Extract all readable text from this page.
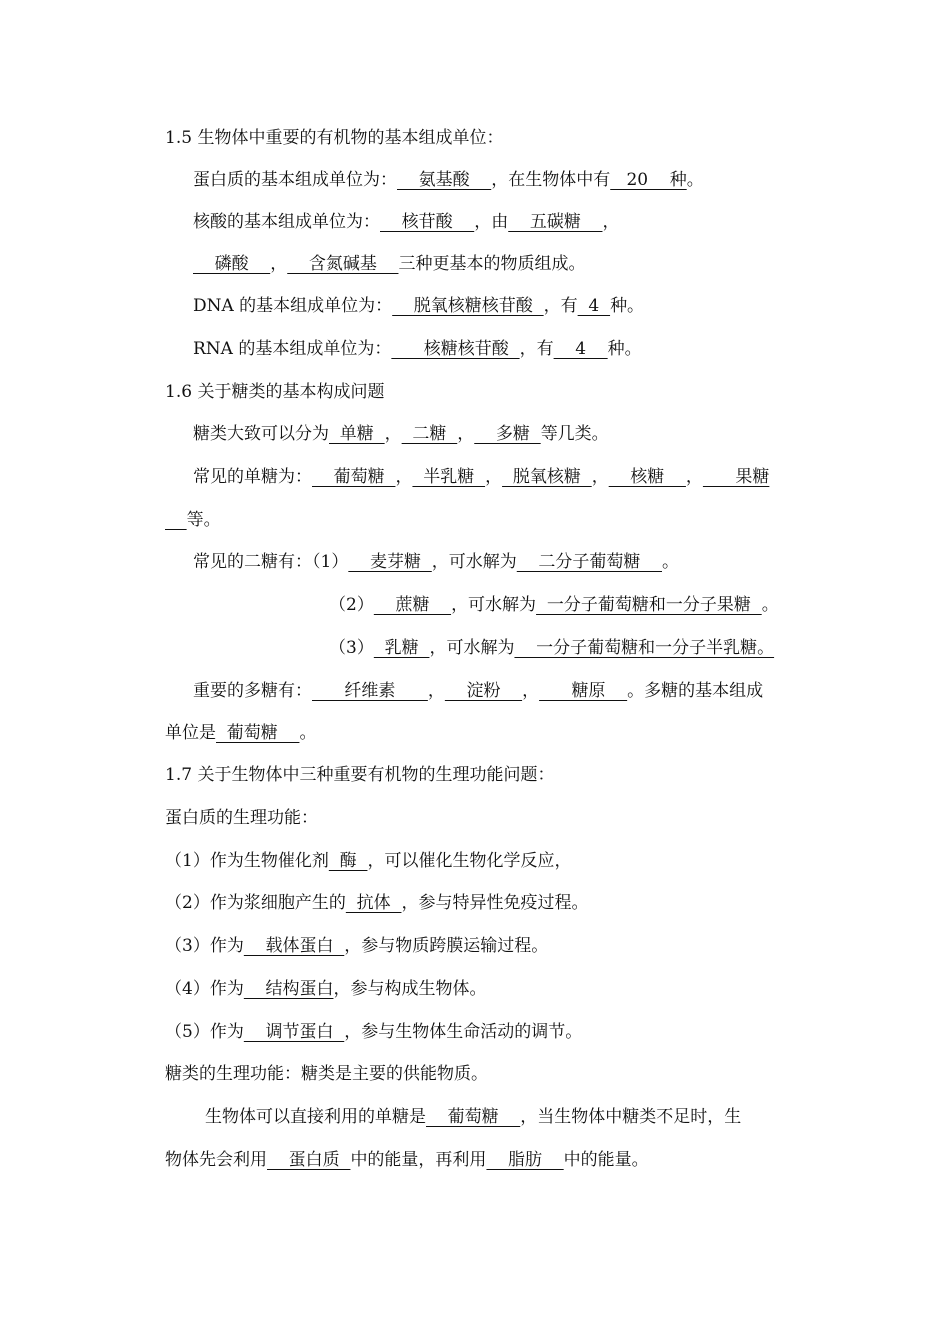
1.5 生物体中重要的有机物的基本组成单位：
蛋白质的基本组成单位为：    氨基酸    ，在生物体中有   20    种。
核酸的基本组成单位为：    核苷酸    ，由    五碳糖    ，
磷酸    ，    含氮碱基    三种更基本的物质组成。
DNA 的基本组成单位为：    脱氧核糖核苷酸  ，有  4  种。
RNA 的基本组成单位为：      核糖核苷酸  ，有    4    种。
1.6 关于糖类的基本构成问题
糖类大致可以分为  单糖  ，  二糖  ，    多糖  等几类。
常见的单糖为：    葡萄糖  ，  半乳糖  ，  脱氧核糖  ，    核糖    ，      果糖
等。
常见的二糖有：（1）    麦芽糖  ，可水解为    二分子葡萄糖    。
（2）    蔗糖    ，可水解为  一分子葡萄糖和一分子果糖  。
（3）  乳糖  ，可水解为    一分子葡萄糖和一分子半乳糖。
重要的多糖有：      纤维素      ，    淀粉    ，      糖原    。多糖的基本组成
单位是  葡萄糖    。
1.7 关于生物体中三种重要有机物的生理功能问题：
蛋白质的生理功能：
（1）作为生物催化剂  酶  ，可以催化生物化学反应，
（2）作为浆细胞产生的  抗体  ，参与特异性免疫过程。
（3）作为    载体蛋白  ，参与物质跨膜运输过程。
（4）作为    结构蛋白，参与构成生物体。
（5）作为    调节蛋白  ，参与生物体生命活动的调节。
糖类的生理功能：糖类是主要的供能物质。
生物体可以直接利用的单糖是    葡萄糖    ，当生物体中糖类不足时，生
物体先会利用    蛋白质  中的能量，再利用    脂肪    中的能量。
